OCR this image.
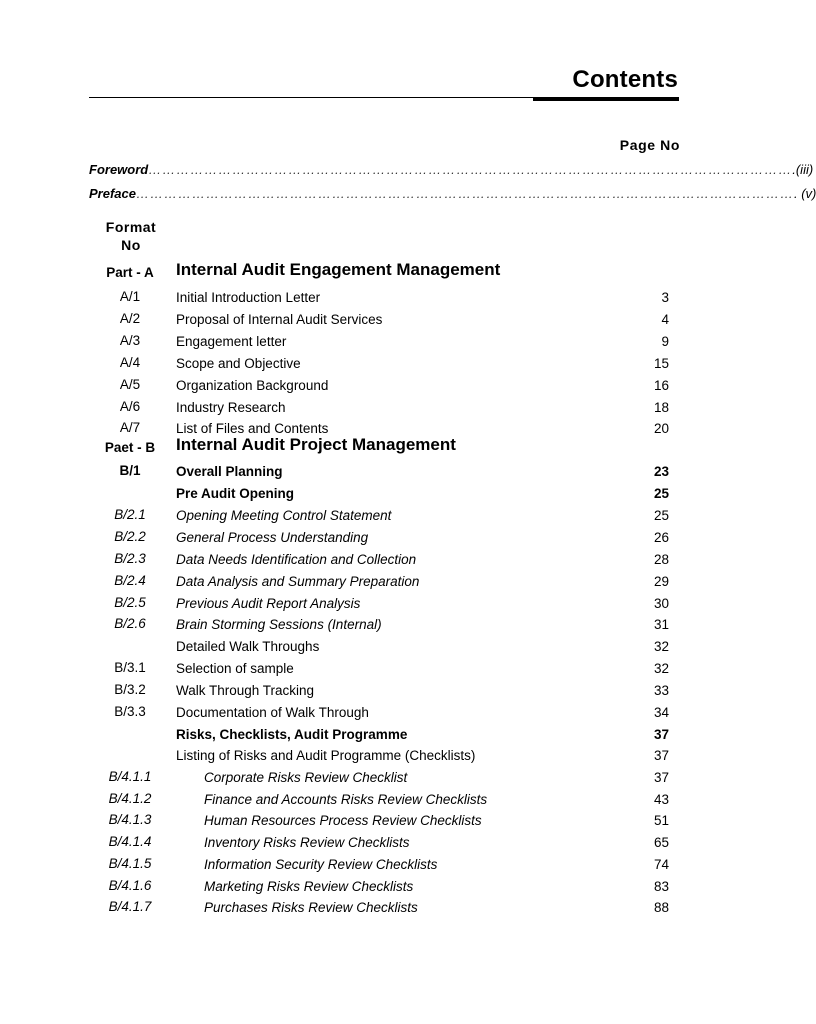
Contents
Page No
Foreword ………………………………………………………………………………………………………………………… .(iii)
Preface …………………………………………………………………………………………………………………………… . (v)
Format
No
Part - A	Internal Audit Engagement Management
A/1	Initial Introduction Letter	3
A/2	Proposal of Internal Audit Services	4
A/3	Engagement letter	9
A/4	Scope and Objective	15
A/5	Organization Background	16
A/6	Industry Research	18
A/7	List of Files and Contents	20
Paet - B	Internal Audit Project Management
B/1	Overall Planning	23
Pre Audit Opening	25
B/2.1	Opening Meeting Control Statement	25
B/2.2	General Process Understanding	26
B/2.3	Data Needs Identification and Collection	28
B/2.4	Data Analysis and Summary Preparation	29
B/2.5	Previous Audit Report Analysis	30
B/2.6	Brain Storming Sessions (Internal)	31
Detailed Walk Throughs	32
B/3.1	Selection of sample	32
B/3.2	Walk Through Tracking	33
B/3.3	Documentation of Walk Through	34
Risks, Checklists, Audit Programme	37
Listing of Risks and Audit Programme (Checklists)	37
B/4.1.1	Corporate Risks Review Checklist	37
B/4.1.2	Finance and Accounts Risks Review Checklists	43
B/4.1.3	Human Resources Process Review Checklists	51
B/4.1.4	Inventory Risks Review Checklists	65
B/4.1.5	Information Security Review Checklists	74
B/4.1.6	Marketing Risks Review Checklists	83
B/4.1.7	Purchases Risks Review Checklists	88
